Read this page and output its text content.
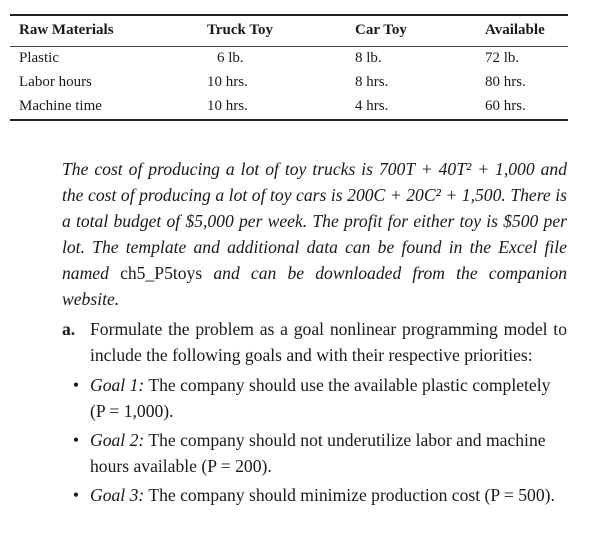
Raw Materials	Truck Toy	Car Toy	Available
Plastic	6 lb.	8 lb.	72 lb.
Labor hours	10 hrs.	8 hrs.	80 hrs.
Machine time	10 hrs.	4 hrs.	60 hrs.

The cost of producing a lot of toy trucks is 700T + 40T² + 1,000 and the cost of producing a lot of toy cars is 200C + 20C² + 1,500. There is a total budget of $5,000 per week. The profit for either toy is $500 per lot. The template and additional data can be found in the Excel file named ch5_P5toys and can be downloaded from the companion website.

a. Formulate the problem as a goal nonlinear programming model to include the following goals and with their respective priorities:
• Goal 1: The company should use the available plastic completely (P = 1,000).
• Goal 2: The company should not underutilize labor and machine hours available (P = 200).
• Goal 3: The company should minimize production cost (P = 500).
